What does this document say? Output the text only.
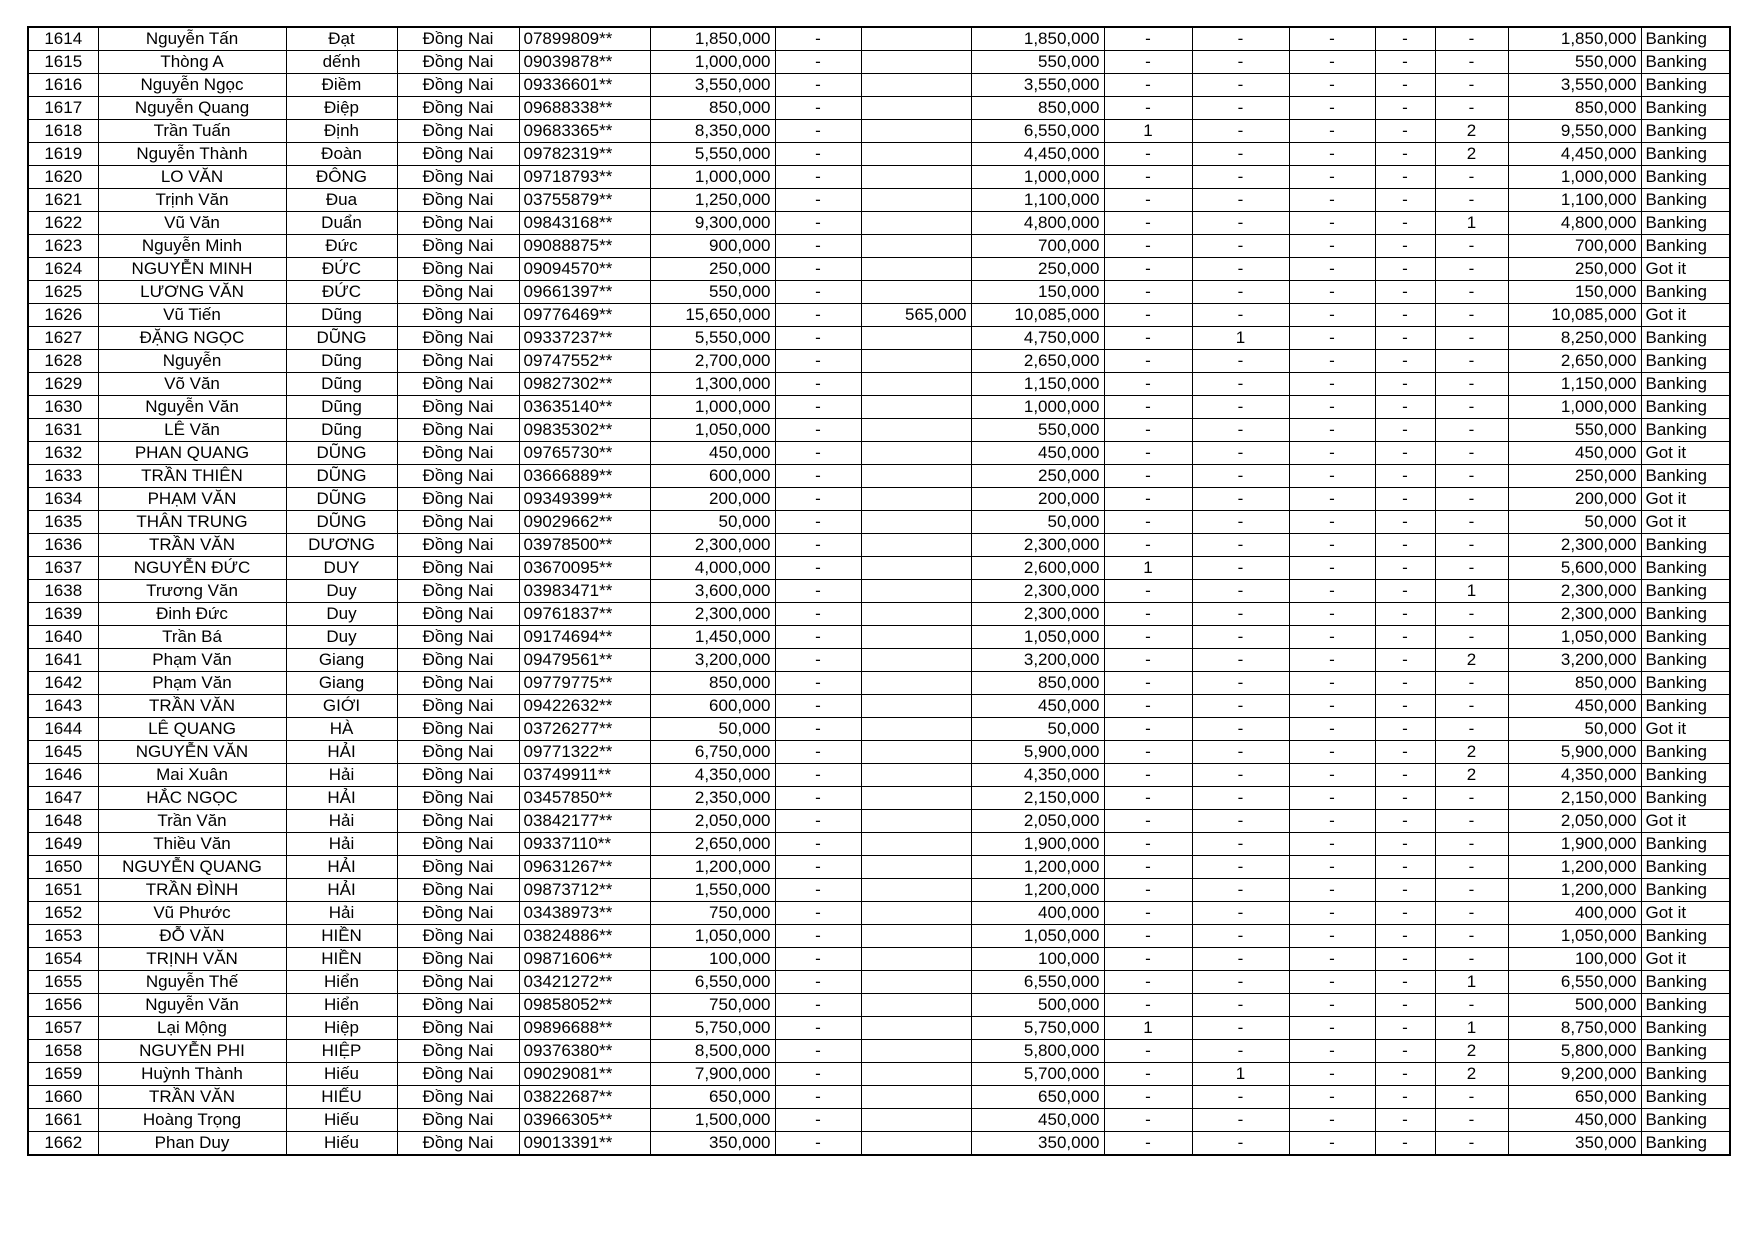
1614	Nguyễn Tấn	Đạt	Đồng Nai	07899809**	1,850,000	-		1,850,000	-	-	-	-	-	1,850,000	Banking
1615	Thòng A	dếnh	Đồng Nai	09039878**	1,000,000	-		550,000	-	-	-	-	-	550,000	Banking
1616	Nguyễn Ngọc	Điềm	Đồng Nai	09336601**	3,550,000	-		3,550,000	-	-	-	-	-	3,550,000	Banking
1617	Nguyễn Quang	Điệp	Đồng Nai	09688338**	850,000	-		850,000	-	-	-	-	-	850,000	Banking
1618	Trần Tuấn	Định	Đồng Nai	09683365**	8,350,000	-		6,550,000	1	-	-	-	2	9,550,000	Banking
1619	Nguyễn Thành	Đoàn	Đồng Nai	09782319**	5,550,000	-		4,450,000	-	-	-	-	2	4,450,000	Banking
1620	LO VĂN	ĐÔNG	Đồng Nai	09718793**	1,000,000	-		1,000,000	-	-	-	-	-	1,000,000	Banking
1621	Trịnh Văn	Đua	Đồng Nai	03755879**	1,250,000	-		1,100,000	-	-	-	-	-	1,100,000	Banking
1622	Vũ Văn	Duẩn	Đồng Nai	09843168**	9,300,000	-		4,800,000	-	-	-	-	1	4,800,000	Banking
1623	Nguyễn Minh	Đức	Đồng Nai	09088875**	900,000	-		700,000	-	-	-	-	-	700,000	Banking
1624	NGUYỄN MINH	ĐỨC	Đồng Nai	09094570**	250,000	-		250,000	-	-	-	-	-	250,000	Got it
1625	LƯƠNG VĂN	ĐỨC	Đồng Nai	09661397**	550,000	-		150,000	-	-	-	-	-	150,000	Banking
1626	Vũ Tiến	Dũng	Đồng Nai	09776469**	15,650,000	-	565,000	10,085,000	-	-	-	-	-	10,085,000	Got it
1627	ĐẶNG NGỌC	DŨNG	Đồng Nai	09337237**	5,550,000	-		4,750,000	-	1	-	-	-	8,250,000	Banking
1628	Nguyễn	Dũng	Đồng Nai	09747552**	2,700,000	-		2,650,000	-	-	-	-	-	2,650,000	Banking
1629	Võ Văn	Dũng	Đồng Nai	09827302**	1,300,000	-		1,150,000	-	-	-	-	-	1,150,000	Banking
1630	Nguyễn Văn	Dũng	Đồng Nai	03635140**	1,000,000	-		1,000,000	-	-	-	-	-	1,000,000	Banking
1631	LÊ Văn	Dũng	Đồng Nai	09835302**	1,050,000	-		550,000	-	-	-	-	-	550,000	Banking
1632	PHAN QUANG	DŨNG	Đồng Nai	09765730**	450,000	-		450,000	-	-	-	-	-	450,000	Got it
1633	TRẦN THIÊN	DŨNG	Đồng Nai	03666889**	600,000	-		250,000	-	-	-	-	-	250,000	Banking
1634	PHẠM VĂN	DŨNG	Đồng Nai	09349399**	200,000	-		200,000	-	-	-	-	-	200,000	Got it
1635	THÂN TRUNG	DŨNG	Đồng Nai	09029662**	50,000	-		50,000	-	-	-	-	-	50,000	Got it
1636	TRẦN VĂN	DƯƠNG	Đồng Nai	03978500**	2,300,000	-		2,300,000	-	-	-	-	-	2,300,000	Banking
1637	NGUYỄN ĐỨC	DUY	Đồng Nai	03670095**	4,000,000	-		2,600,000	1	-	-	-	-	5,600,000	Banking
1638	Trương Văn	Duy	Đồng Nai	03983471**	3,600,000	-		2,300,000	-	-	-	-	1	2,300,000	Banking
1639	Đinh Đức	Duy	Đồng Nai	09761837**	2,300,000	-		2,300,000	-	-	-	-	-	2,300,000	Banking
1640	Trần Bá	Duy	Đồng Nai	09174694**	1,450,000	-		1,050,000	-	-	-	-	-	1,050,000	Banking
1641	Phạm Văn	Giang	Đồng Nai	09479561**	3,200,000	-		3,200,000	-	-	-	-	2	3,200,000	Banking
1642	Phạm Văn	Giang	Đồng Nai	09779775**	850,000	-		850,000	-	-	-	-	-	850,000	Banking
1643	TRẦN VĂN	GIỚI	Đồng Nai	09422632**	600,000	-		450,000	-	-	-	-	-	450,000	Banking
1644	LÊ QUANG	HÀ	Đồng Nai	03726277**	50,000	-		50,000	-	-	-	-	-	50,000	Got it
1645	NGUYỄN VĂN	HẢI	Đồng Nai	09771322**	6,750,000	-		5,900,000	-	-	-	-	2	5,900,000	Banking
1646	Mai Xuân	Hải	Đồng Nai	03749911**	4,350,000	-		4,350,000	-	-	-	-	2	4,350,000	Banking
1647	HẮC NGỌC	HẢI	Đồng Nai	03457850**	2,350,000	-		2,150,000	-	-	-	-	-	2,150,000	Banking
1648	Trần Văn	Hải	Đồng Nai	03842177**	2,050,000	-		2,050,000	-	-	-	-	-	2,050,000	Got it
1649	Thiều Văn	Hải	Đồng Nai	09337110**	2,650,000	-		1,900,000	-	-	-	-	-	1,900,000	Banking
1650	NGUYỄN QUANG	HẢI	Đồng Nai	09631267**	1,200,000	-		1,200,000	-	-	-	-	-	1,200,000	Banking
1651	TRẦN ĐÌNH	HẢI	Đồng Nai	09873712**	1,550,000	-		1,200,000	-	-	-	-	-	1,200,000	Banking
1652	Vũ Phước	Hải	Đồng Nai	03438973**	750,000	-		400,000	-	-	-	-	-	400,000	Got it
1653	ĐỖ VĂN	HIỀN	Đồng Nai	03824886**	1,050,000	-		1,050,000	-	-	-	-	-	1,050,000	Banking
1654	TRỊNH VĂN	HIỀN	Đồng Nai	09871606**	100,000	-		100,000	-	-	-	-	-	100,000	Got it
1655	Nguyễn Thế	Hiển	Đồng Nai	03421272**	6,550,000	-		6,550,000	-	-	-	-	1	6,550,000	Banking
1656	Nguyễn Văn	Hiển	Đồng Nai	09858052**	750,000	-		500,000	-	-	-	-	-	500,000	Banking
1657	Lại Mộng	Hiệp	Đồng Nai	09896688**	5,750,000	-		5,750,000	1	-	-	-	1	8,750,000	Banking
1658	NGUYỄN PHI	HIỆP	Đồng Nai	09376380**	8,500,000	-		5,800,000	-	-	-	-	2	5,800,000	Banking
1659	Huỳnh Thành	Hiếu	Đồng Nai	09029081**	7,900,000	-		5,700,000	-	1	-	-	2	9,200,000	Banking
1660	TRẦN VĂN	HIẾU	Đồng Nai	03822687**	650,000	-		650,000	-	-	-	-	-	650,000	Banking
1661	Hoàng Trọng	Hiếu	Đồng Nai	03966305**	1,500,000	-		450,000	-	-	-	-	-	450,000	Banking
1662	Phan Duy	Hiếu	Đồng Nai	09013391**	350,000	-		350,000	-	-	-	-	-	350,000	Banking
